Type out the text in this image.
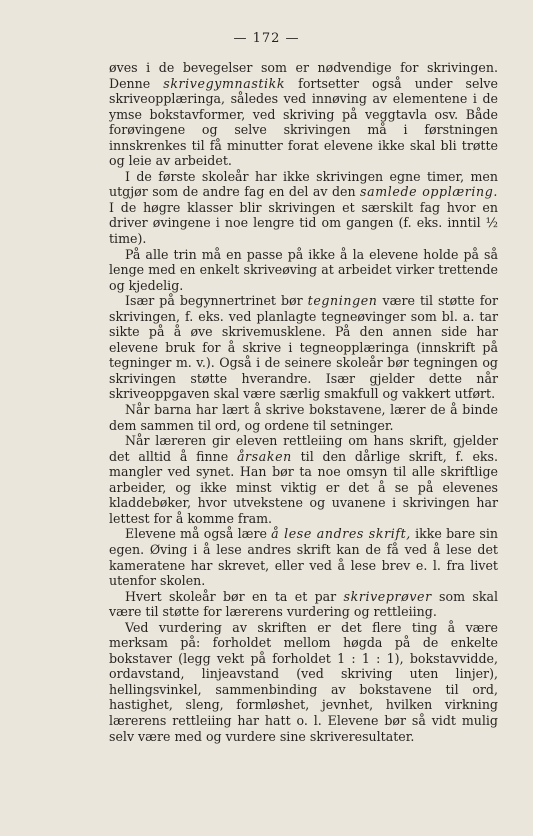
— 172 —

øves i de bevegelser som er nødvendige for skrivingen. Denne skrivegymnastikk fortsetter også under selve skriveopplæringa, således ved innøving av elementene i de ymse bokstavformer, ved skriving på veggtavla osv. Både forøvingene og selve skrivingen må i førstningen innskrenkes til få minutter forat elevene ikke skal bli trøtte og leie av arbeidet.

I de første skoleår har ikke skrivingen egne timer, men utgjør som de andre fag en del av den samlede opplæring. I de høgre klasser blir skrivingen et særskilt fag hvor en driver øvingene i noe lengre tid om gangen (f. eks. inntil ½ time).

På alle trin må en passe på ikke å la elevene holde på så lenge med en enkelt skriveøving at arbeidet virker trettende og kjedelig.

Især på begynnertrinet bør tegningen være til støtte for skrivingen, f. eks. ved planlagte tegneøvinger som bl. a. tar sikte på å øve skrivemusklene. På den annen side har elevene bruk for å skrive i tegneopplæringa (innskrift på tegninger m. v.). Også i de seinere skoleår bør tegningen og skrivingen støtte hverandre. Især gjelder dette når skriveoppgaven skal være særlig smakfull og vakkert utført.

Når barna har lært å skrive bokstavene, lærer de å binde dem sammen til ord, og ordene til setninger.

Når læreren gir eleven rettleiing om hans skrift, gjelder det alltid å finne årsaken til den dårlige skrift, f. eks. mangler ved synet. Han bør ta noe omsyn til alle skriftlige arbeider, og ikke minst viktig er det å se på elevenes kladdebøker, hvor utvekstene og uvanene i skrivingen har lettest for å komme fram.

Elevene må også lære å lese andres skrift, ikke bare sin egen. Øving i å lese andres skrift kan de få ved å lese det kameratene har skrevet, eller ved å lese brev e. l. fra livet utenfor skolen.

Hvert skoleår bør en ta et par skriveprøver som skal være til støtte for lærerens vurdering og rettleiing.

Ved vurdering av skriften er det flere ting å være merksam på: forholdet mellom høgda på de enkelte bokstaver (legg vekt på forholdet 1 : 1 : 1), bokstavvidde, ordavstand, linjeavstand (ved skriving uten linjer), hellingsvinkel, sammenbinding av bokstavene til ord, hastighet, sleng, formløshet, jevnhet, hvilken virkning lærerens rettleiing har hatt o. l. Elevene bør så vidt mulig selv være med og vurdere sine skriveresultater.
